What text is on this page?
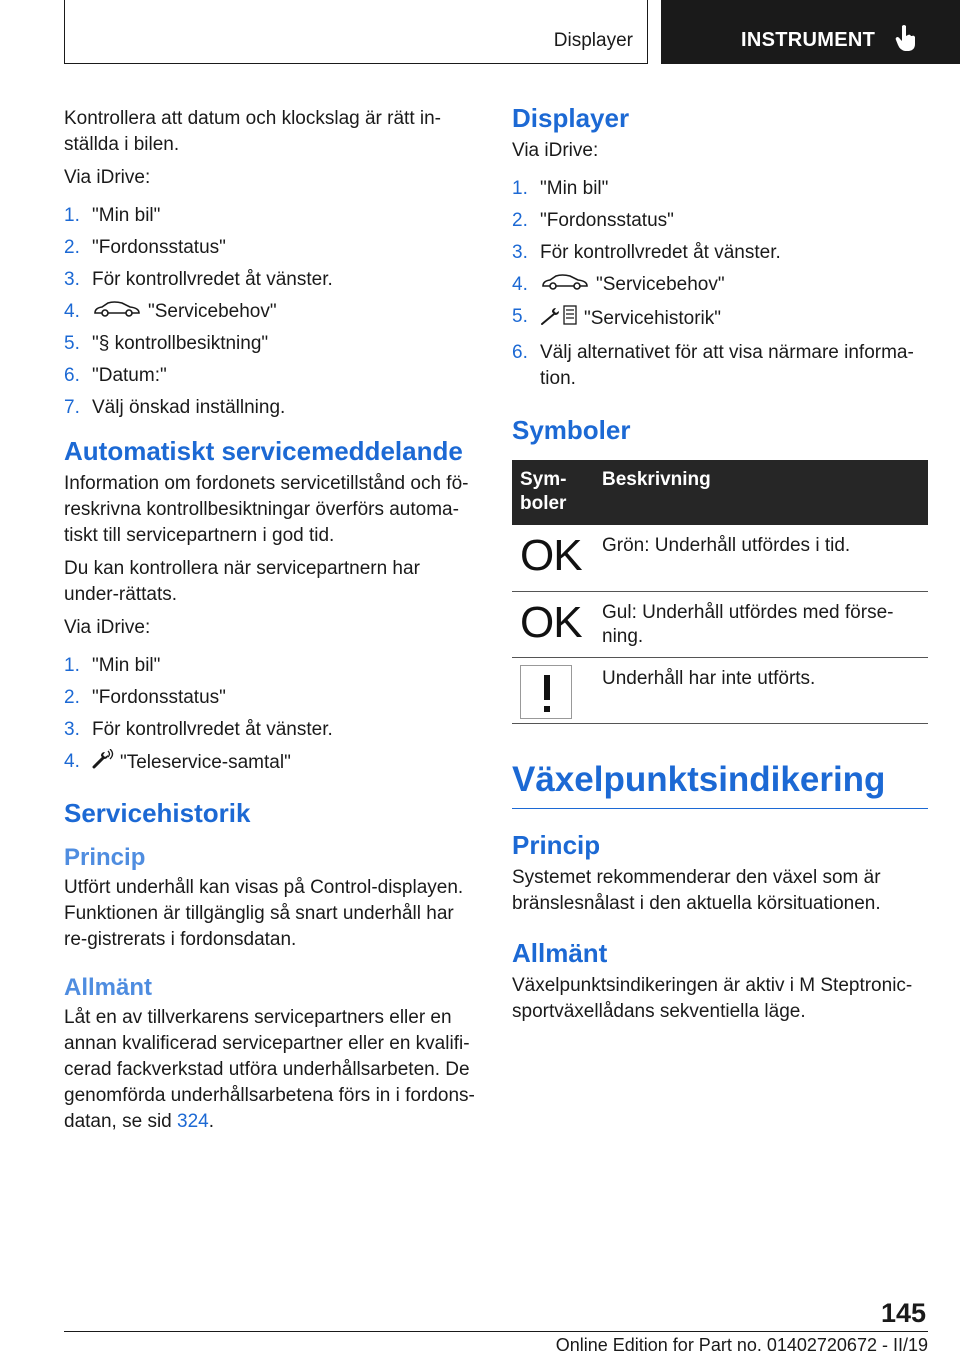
Displayer	INSTRUMENT

Kontrollera att datum och klockslag är rätt in-ställda i bilen.

Via iDrive:

1. "Min bil"
2. "Fordonsstatus"
3. För kontrollvredet åt vänster.
4.	"Servicebehov"
5. "§ kontrollbesiktning"
6. "Datum:"
7. Välj önskad inställning.
Automatiskt servicemeddelande

Information om fordonets servicetillstånd och fö-reskrivna kontrollbesiktningar överförs automa-tiskt till servicepartnern i god tid.

Du kan kontrollera när servicepartnern har under-rättats.

Via iDrive:

1. "Min bil"
2. "Fordonsstatus"
3. För kontrollvredet åt vänster.
4. "Teleservice-samtal"
Servicehistorik
Princip

Utfört underhåll kan visas på Control-displayen. Funktionen är tillgänglig så snart underhåll har re-gistrerats i fordonsdatan.

Allmänt

Låt en av tillverkarens servicepartners eller en annan kvalificerad servicepartner eller en kvalifi-cerad fackverkstad utföra underhållsarbeten. De genomförda underhållsarbetena förs in i fordons-datan, se sid 324.

Displayer

Via iDrive:

1. "Min bil"
2. "Fordonsstatus"
3. För kontrollvredet åt vänster.
4.	"Servicebehov"
5.	"Servicehistorik"
6. Välj alternativet för att visa närmare informa-tion.
Symboler
Sym-boler	Beskrivning
OK	Grön: Underhåll utfördes i tid.
OK	Gul: Underhåll utfördes med förse-ning.

	Underhåll har inte utförts.
Växelpunktsindikering
Princip

Systemet rekommenderar den växel som är bränslesnålast i den aktuella körsituationen.

Allmänt

Växelpunktsindikeringen är aktiv i M Steptronic-sportväxellådans sekventiella läge.

145
Online Edition for Part no. 01402720672 - II/19
